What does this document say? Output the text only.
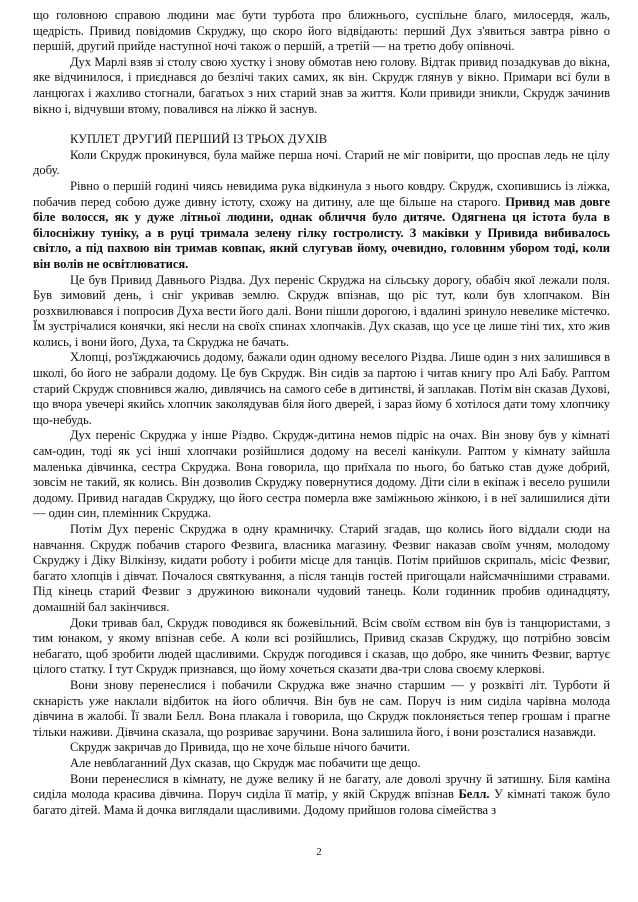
що головною справою людини має бути турбота про ближнього, суспільне благо, милосердя, жаль, щедрість. Привид повідомив Скруджу, що скоро його відвідають: перший Дух з'явиться завтра рівно о першій, другий прийде наступної ночі також о першій, а третій — на третю добу опівночі.

Дух Марлі взяв зі столу свою хустку і знову обмотав нею голову. Відтак привид позадкував до вікна, яке відчинилося, і приєднався до безлічі таких самих, як він. Скрудж глянув у вікно. Примари всі були в ланцюгах і жахливо стогнали, багатьох з них старий знав за життя. Коли привиди зникли, Скрудж зачинив вікно і, відчувши втому, повалився на ліжко й заснув.

КУПЛЕТ ДРУГИЙ ПЕРШИЙ ІЗ ТРЬОХ ДУХІВ

Коли Скрудж прокинувся, була майже перша ночі. Старий не міг повірити, що проспав ледь не цілу добу.

Рівно о першій годині чиясь невидима рука відкинула з нього ковдру. Скрудж, схопившись із ліжка, побачив перед собою дуже дивну істоту, схожу на дитину, але ще більше на старого. Привид мав довге біле волосся, як у дуже літньої людини, однак обличчя було дитяче. Одягнена ця істота була в білосніжну туніку, а в руці тримала зелену гілку гостролисту. З маківки у Привида вибивалось світло, а під пахвою він тримав ковпак, який слугував йому, очевидно, головним убором тоді, коли він волів не освітлюватися.

Це був Привид Давнього Різдва. Дух переніс Скруджа на сільську дорогу, обабіч якої лежали поля. Був зимовий день, і сніг укривав землю. Скрудж впізнав, що ріс тут, коли був хлопчаком. Він розхвилювався і попросив Духа вести його далі. Вони пішли дорогою, і вдалині зринуло невелике містечко. Їм зустрічалися конячки, які несли на своїх спинах хлопчаків. Дух сказав, що усе це лише тіні тих, хто жив колись, і вони його, Духа, та Скруджа не бачать.

Хлопці, роз'їжджаючись додому, бажали один одному веселого Різдва. Лише один з них залишився в школі, бо його не забрали додому. Це був Скрудж. Він сидів за партою і читав книгу про Алі Бабу. Раптом старий Скрудж сповнився жалю, дивлячись на самого себе в дитинстві, й заплакав. Потім він сказав Духові, що вчора увечері якийсь хлопчик заколядував біля його дверей, і зараз йому б хотілося дати тому хлопчику що-небудь.

Дух переніс Скруджа у інше Різдво. Скрудж-дитина немов підріс на очах. Він знову був у кімнаті сам-один, тоді як усі інші хлопчаки розійшлися додому на веселі канікули. Раптом у кімнату зайшла маленька дівчинка, сестра Скруджа. Вона говорила, що приїхала по нього, бо батько став дуже добрий, зовсім не такий, як колись. Він дозволив Скруджу повернутися додому. Діти сіли в екіпаж і весело рушили додому. Привид нагадав Скруджу, що його сестра померла вже заміжньою жінкою, і в неї залишилися діти — один син, племінник Скруджа.

Потім Дух переніс Скруджа в одну крамничку. Старий згадав, що колись його віддали сюди на навчання. Скрудж побачив старого Фезвига, власника магазину. Фезвиг наказав своїм учням, молодому Скруджу і Діку Вілкінзу, кидати роботу і робити місце для танців. Потім прийшов скрипаль, місіс Фезвиг, багато хлопців і дівчат. Почалося святкування, а після танців гостей пригощали найсмачнішими стравами. Під кінець старий Фезвиг з дружиною виконали чудовий танець. Коли годинник пробив одинадцяту, домашній бал закінчився.

Доки тривав бал, Скрудж поводився як божевільний. Всім своїм єством він був із танцюристами, з тим юнаком, у якому впізнав себе. А коли всі розійшлись, Привид сказав Скруджу, що потрібно зовсім небагато, щоб зробити людей щасливими. Скрудж погодився і сказав, що добро, яке чинить Фезвиг, вартує цілого статку. І тут Скрудж признався, що йому хочеться сказати два-три слова своєму клеркові.

Вони знову перенеслися і побачили Скруджа вже значно старшим — у розквіті літ. Турботи й скнарість уже наклали відбиток на його обличчя. Він був не сам. Поруч із ним сиділа чарівна молода дівчина в жалобі. Її звали Белл. Вона плакала і говорила, що Скрудж поклоняється тепер грошам і прагне тільки наживи. Дівчина сказала, що розриває заручини. Вона залишила його, і вони розсталися назавжди.

Скрудж закричав до Привида, що не хоче більше нічого бачити.

Але невблаганний Дух сказав, що Скрудж має побачити ще дещо.

Вони перенеслися в кімнату, не дуже велику й не багату, але доволі зручну й затишну. Біля каміна сиділа молода красива дівчина. Поруч сиділа її матір, у якій Скрудж впізнав Белл. У кімнаті також було багато дітей. Мама й дочка виглядали щасливими. Додому прийшов голова сімейства з

2
